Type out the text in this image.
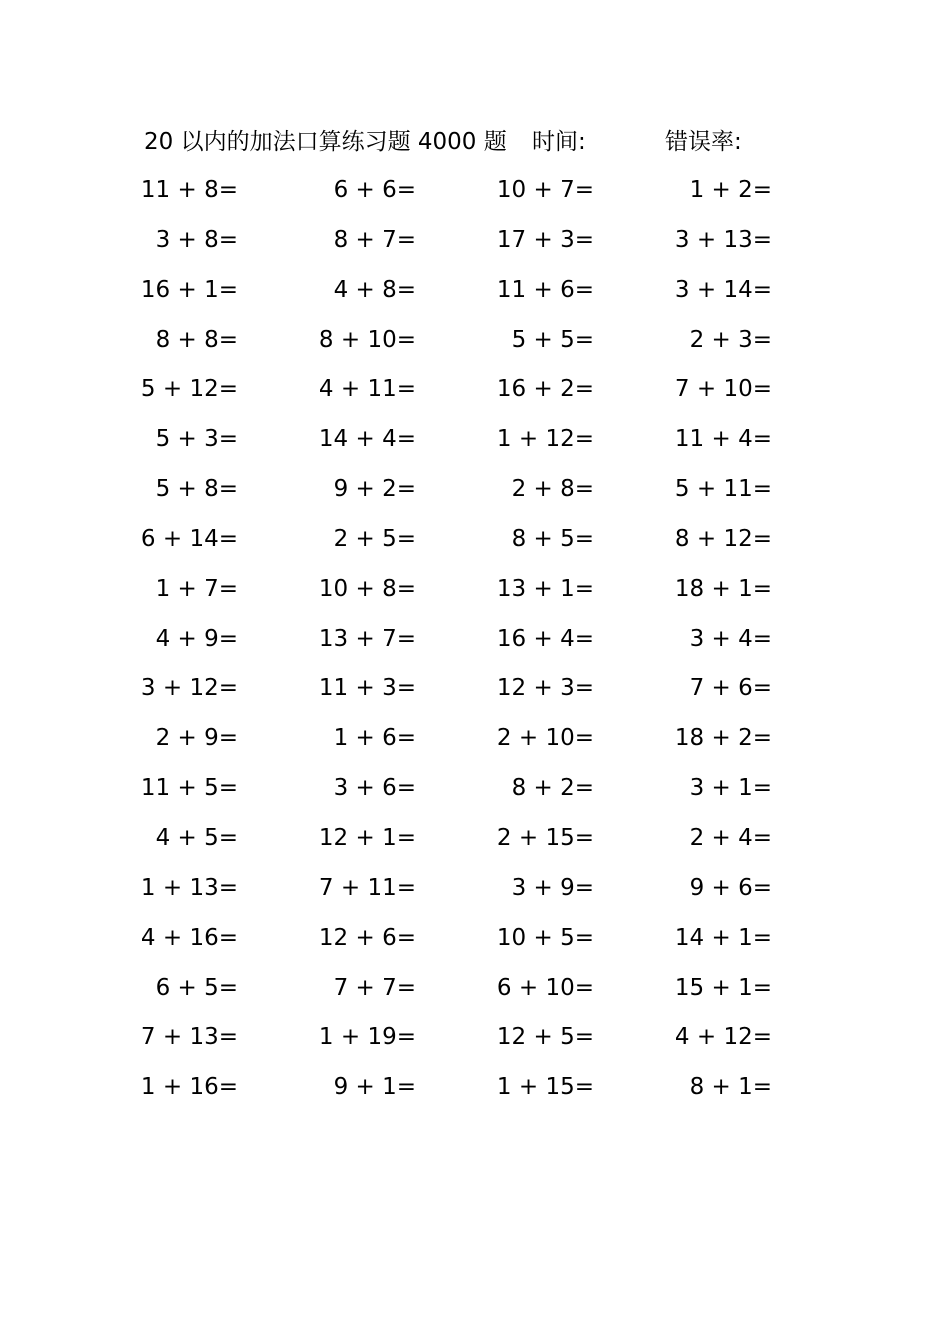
20 以内的加法口算练习题 4000 题 时间:	错误率:
11 + 8=	6 + 6=	10 + 7=	1 + 2=
3 + 8=	8 + 7=	17 + 3=	3 + 13=
16 + 1=	4 + 8=	11 + 6=	3 + 14=
8 + 8=	8 + 10=	5 + 5=	2 + 3=
5 + 12=	4 + 11=	16 + 2=	7 + 10=
5 + 3=	14 + 4=	1 + 12=	11 + 4=
5 + 8=	9 + 2=	2 + 8=	5 + 11=
6 + 14=	2 + 5=	8 + 5=	8 + 12=
1 + 7=	10 + 8=	13 + 1=	18 + 1=
4 + 9=	13 + 7=	16 + 4=	3 + 4=
3 + 12=	11 + 3=	12 + 3=	7 + 6=
2 + 9=	1 + 6=	2 + 10=	18 + 2=
11 + 5=	3 + 6=	8 + 2=	3 + 1=
4 + 5=	12 + 1=	2 + 15=	2 + 4=
1 + 13=	7 + 11=	3 + 9=	9 + 6=
4 + 16=	12 + 6=	10 + 5=	14 + 1=
6 + 5=	7 + 7=	6 + 10=	15 + 1=
7 + 13=	1 + 19=	12 + 5=	4 + 12=
1 + 16=	9 + 1=	1 + 15=	8 + 1=
